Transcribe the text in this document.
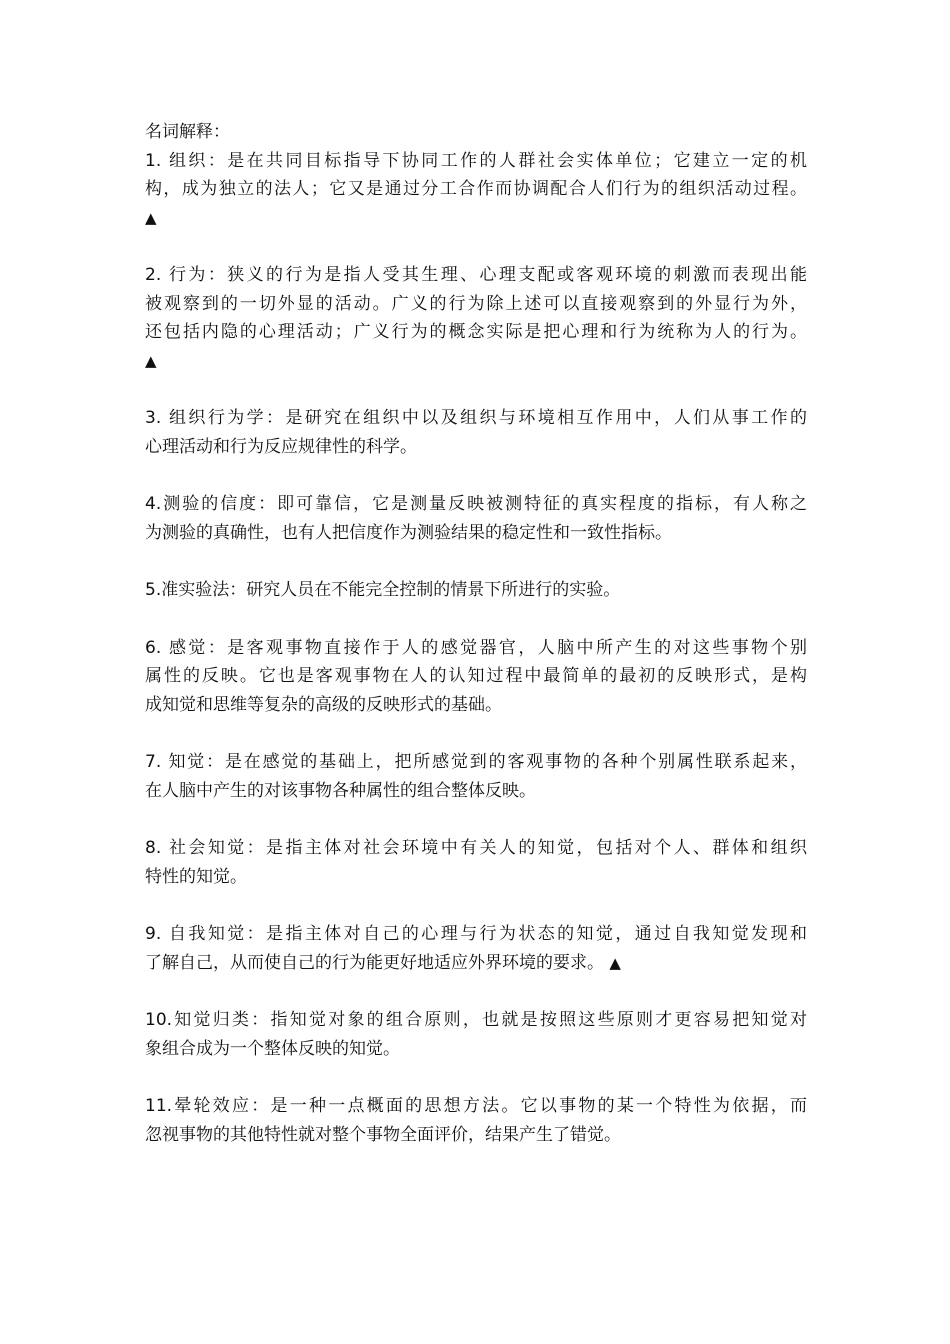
名词解释：
1. 组织：是在共同目标指导下协同工作的人群社会实体单位；它建立一定的机
构，成为独立的法人；它又是通过分工合作而协调配合人们行为的组织活动过程。
▲
2. 行为：狭义的行为是指人受其生理、心理支配或客观环境的刺激而表现出能
被观察到的一切外显的活动。广义的行为除上述可以直接观察到的外显行为外，
还包括内隐的心理活动；广义行为的概念实际是把心理和行为统称为人的行为。
▲
3. 组织行为学：是研究在组织中以及组织与环境相互作用中，人们从事工作的
心理活动和行为反应规律性的科学。
4.测验的信度：即可靠信，它是测量反映被测特征的真实程度的指标，有人称之
为测验的真确性，也有人把信度作为测验结果的稳定性和一致性指标。
5.准实验法：研究人员在不能完全控制的情景下所进行的实验。
6. 感觉：是客观事物直接作于人的感觉器官，人脑中所产生的对这些事物个别
属性的反映。它也是客观事物在人的认知过程中最简单的最初的反映形式，是构
成知觉和思维等复杂的高级的反映形式的基础。
7. 知觉：是在感觉的基础上，把所感觉到的客观事物的各种个别属性联系起来，
在人脑中产生的对该事物各种属性的组合整体反映。
8. 社会知觉：是指主体对社会环境中有关人的知觉，包括对个人、群体和组织
特性的知觉。
9. 自我知觉：是指主体对自己的心理与行为状态的知觉，通过自我知觉发现和
了解自己，从而使自己的行为能更好地适应外界环境的要求。 ▲
10.知觉归类：指知觉对象的组合原则，也就是按照这些原则才更容易把知觉对
象组合成为一个整体反映的知觉。
11.晕轮效应：是一种一点概面的思想方法。它以事物的某一个特性为依据，而
忽视事物的其他特性就对整个事物全面评价，结果产生了错觉。
